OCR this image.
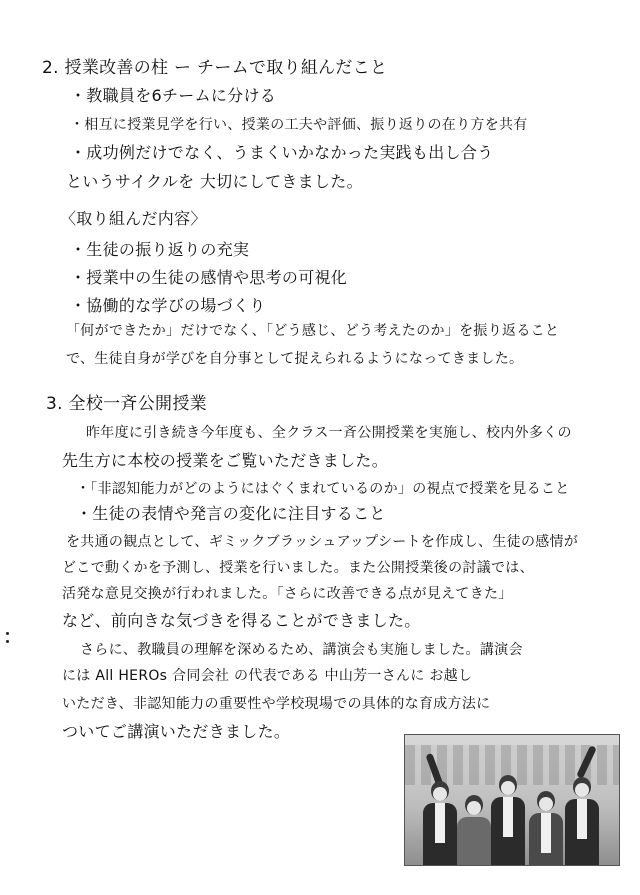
2. 授業改善の柱 ー チームで取り組んだこと
・教職員を6チームに分ける
・相互に授業見学を行い、授業の工夫や評価、振り返りの在り方を共有
・成功例だけでなく、うまくいかなかった実践も出し合う
というサイクルを 大切にしてきました。
〈取り組んだ内容〉
・生徒の振り返りの充実
・授業中の生徒の感情や思考の可視化
・協働的な学びの場づくり
「何ができたか」だけでなく、「どう感じ、どう考えたのか」を振り返ること
で、生徒自身が学びを自分事として捉えられるようになってきました。
3. 全校一斉公開授業
昨年度に引き続き今年度も、全クラス一斉公開授業を実施し、校内外多くの
先生方に本校の授業をご覧いただきました。
・「非認知能力がどのようにはぐくまれているのか」の視点で授業を見ること
・生徒の表情や発言の変化に注目すること
を共通の観点として、ギミックブラッシュアップシートを作成し、生徒の感情が
どこで動くかを予測し、授業を行いました。また公開授業後の討議では、
活発な意見交換が行われました。「さらに改善できる点が見えてきた」
など、前向きな気づきを得ることができました。
さらに、教職員の理解を深めるため、講演会も実施しました。講演会
には All HEROs 合同会社 の代表である 中山芳一さんに お越し
いただき、非認知能力の重要性や学校現場での具体的な育成方法に
ついてご講演いただきました。
